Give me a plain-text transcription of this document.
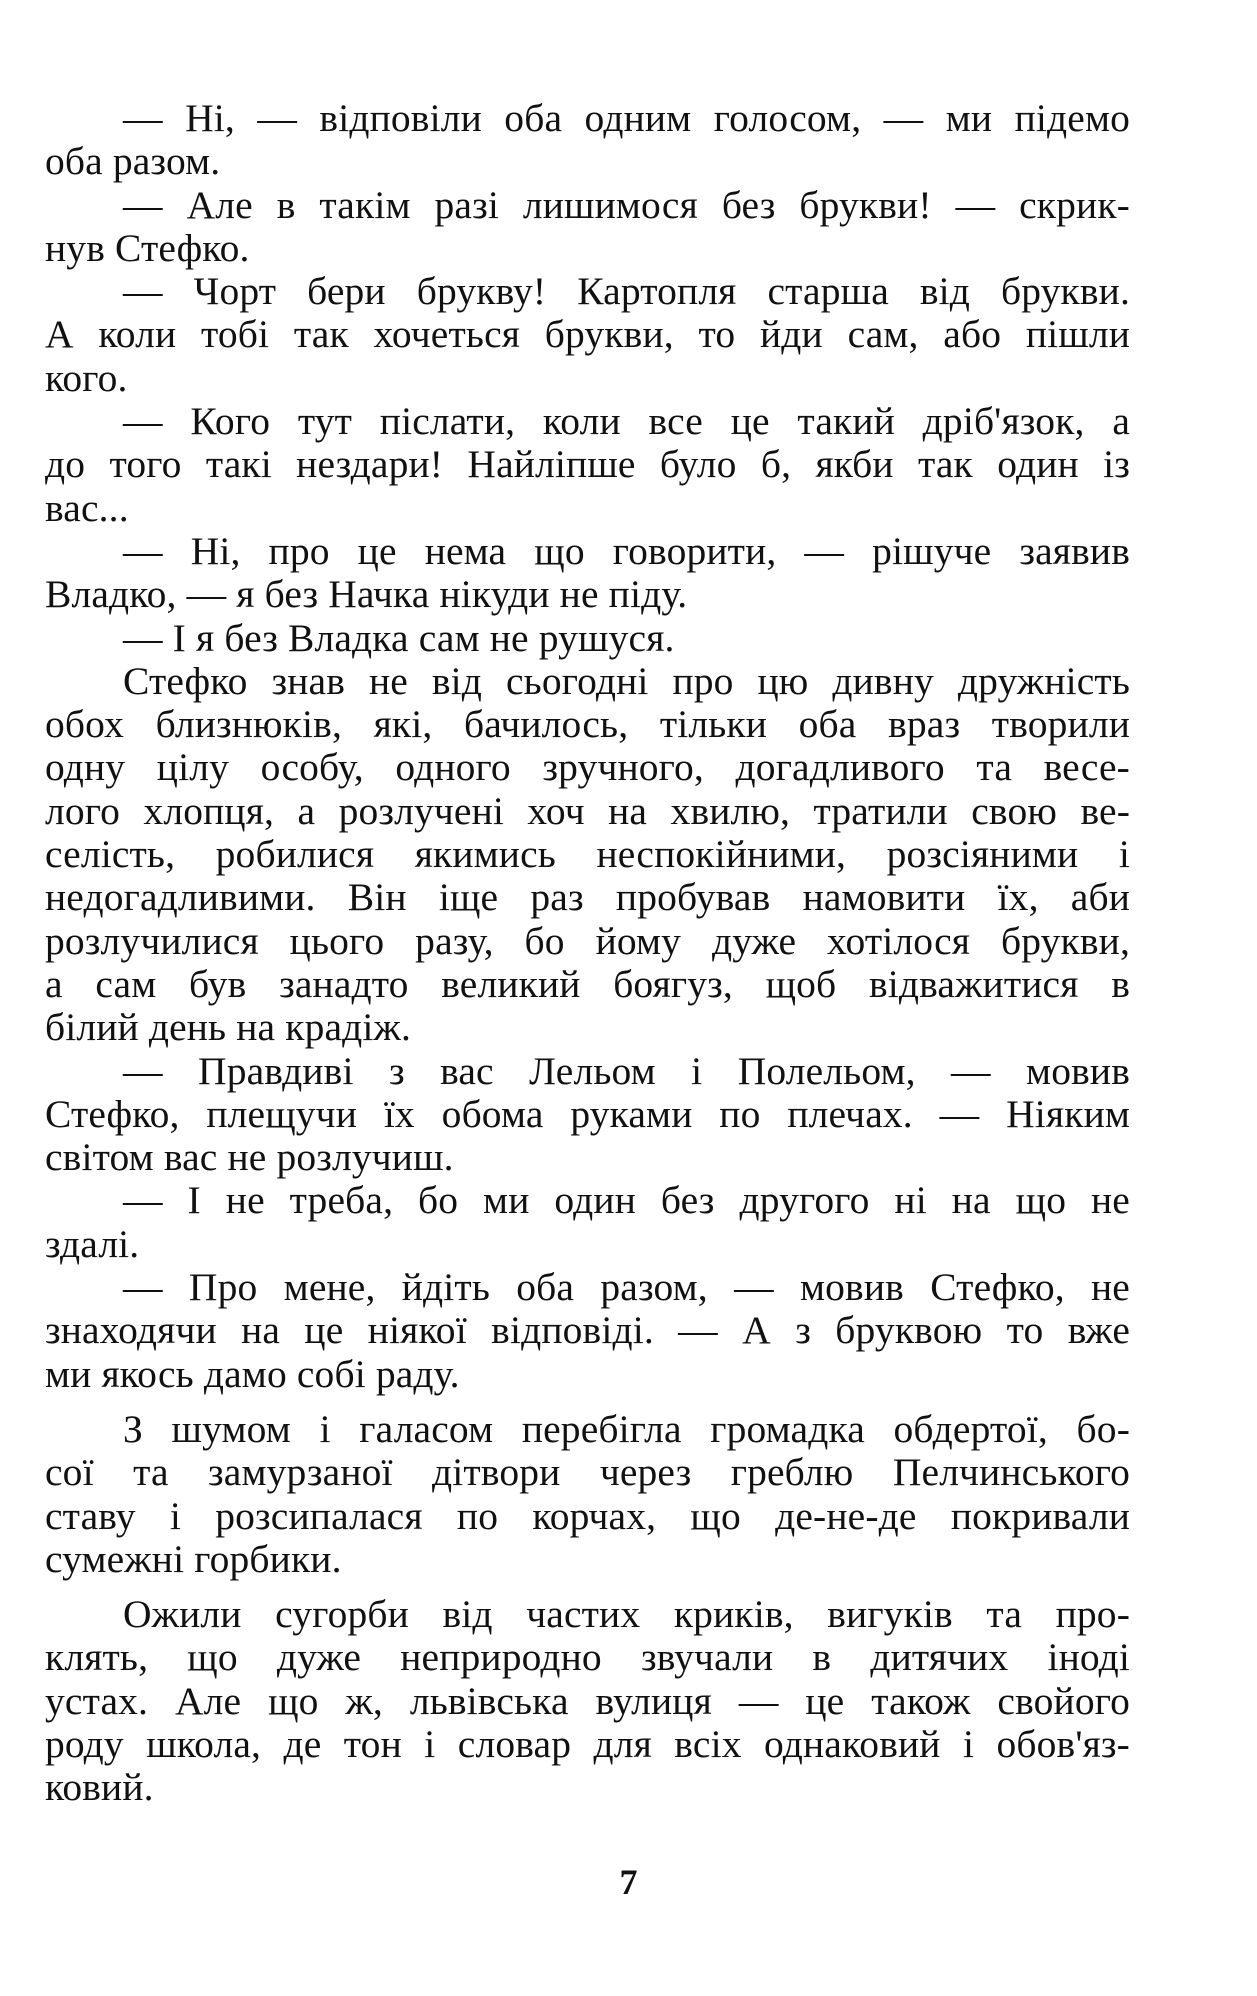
— Ні, — відповіли оба одним голосом, — ми підемо
оба разом.
— Але в такім разі лишимося без брукви! — скрик-
нув Стефко.
— Чорт бери брукву! Картопля старша від брукви.
А коли тобі так хочеться брукви, то йди сам, або пішли
кого.
— Кого тут післати, коли все це такий дріб'язок, а
до того такі нездари! Найліпше було б, якби так один із
вас...
— Ні, про це нема що говорити, — рішуче заявив
Владко, — я без Начка нікуди не піду.
— І я без Владка сам не рушуся.
Стефко знав не від сьогодні про цю дивну дружність
обох близнюків, які, бачилось, тільки оба враз творили
одну цілу особу, одного зручного, догадливого та весе-
лого хлопця, а розлучені хоч на хвилю, тратили свою ве-
селість, робилися якимись неспокійними, розсіяними і
недогадливими. Він іще раз пробував намовити їх, аби
розлучилися цього разу, бо йому дуже хотілося брукви,
а сам був занадто великий боягуз, щоб відважитися в
білий день на крадіж.
— Правдиві з вас Лельом і Полельом, — мовив
Стефко, плещучи їх обома руками по плечах. — Ніяким
світом вас не розлучиш.
— І не треба, бо ми один без другого ні на що не
здалі.
— Про мене, йдіть оба разом, — мовив Стефко, не
знаходячи на це ніякої відповіді. — А з бруквою то вже
ми якось дамо собі раду.
З шумом і галасом перебігла громадка обдертої, бо-
сої та замурзаної дітвори через греблю Пелчинського
ставу і розсипалася по корчах, що де-не-де покривали
сумежні горбики.
Ожили сугорби від частих криків, вигуків та про-
клять, що дуже неприродно звучали в дитячих іноді
устах. Але що ж, львівська вулиця — це також свойого
роду школа, де тон і словар для всіх однаковий і обов'яз-
ковий.
7
